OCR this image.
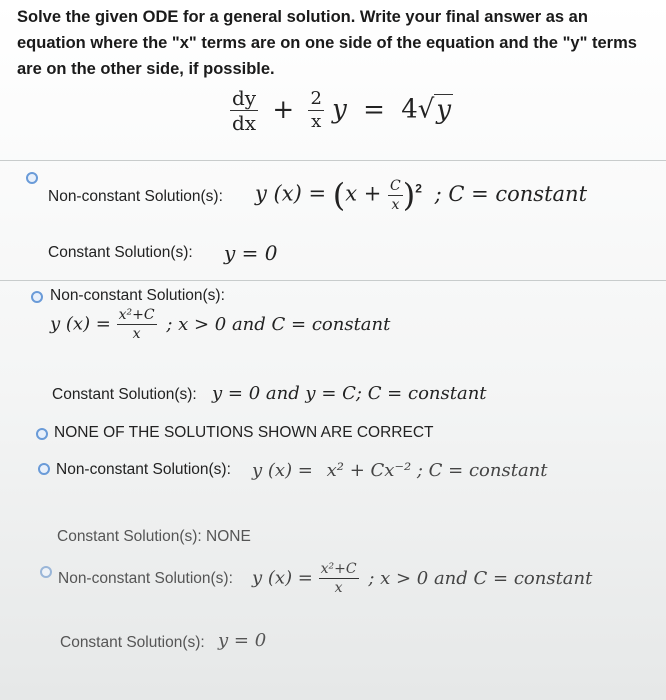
Solve the given ODE for a general solution. Write your final answer as an equation where the "x" terms are on one side of the equation and the "y" terms are on the other side, if possible.
$\frac{dy}{dx} + \frac{2}{x}$ y = 4√y
Non-constant Solution(s): y $(x) = (x + \frac{C}{x} )^2$ ; C = constant
Constant Solution(s): y = 0
Non-constant Solution(s):
y $(x) = \frac{\text{x²+C}}{x}$ ; x > 0 and C = constant
Constant Solution(s): y = 0 and y = C; C = constant
NONE OF THE SOLUTIONS SHOWN ARE CORRECT
Non-constant Solution(s): y (x) = x² + Cx⁻² ; C = constant
Constant Solution(s): NONE
Non-constant Solution(s): y $(x) = \frac{\text{x²+C}}{x}$ ; x > 0 and C = constant
Constant Solution(s): y = 0
